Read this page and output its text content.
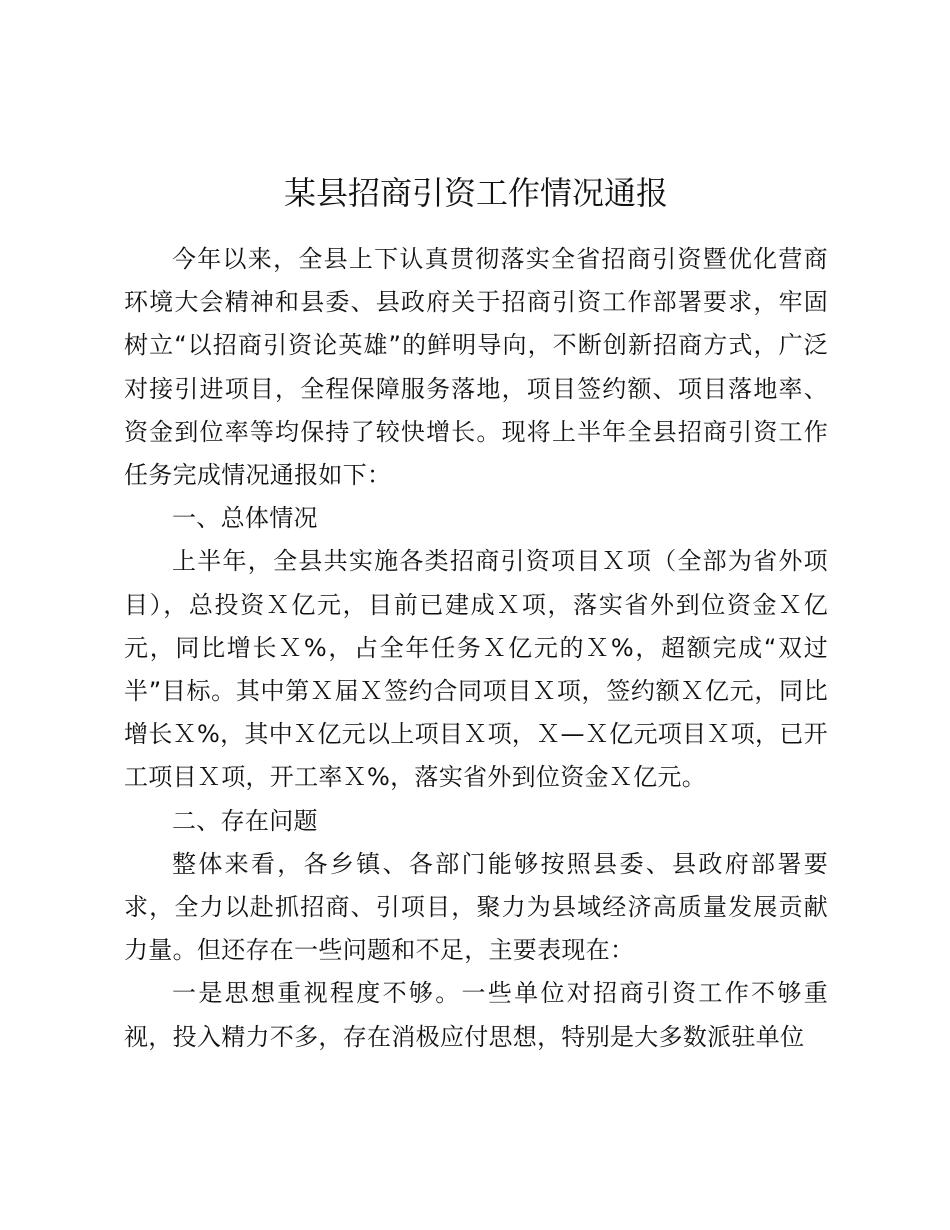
某县招商引资工作情况通报

今年以来，全县上下认真贯彻落实全省招商引资暨优化营商环境大会精神和县委、县政府关于招商引资工作部署要求，牢固树立“以招商引资论英雄”的鲜明导向，不断创新招商方式，广泛对接引进项目，全程保障服务落地，项目签约额、项目落地率、资金到位率等均保持了较快增长。现将上半年全县招商引资工作任务完成情况通报如下：

一、总体情况

上半年，全县共实施各类招商引资项目Ｘ项（全部为省外项目），总投资Ｘ亿元，目前已建成Ｘ项，落实省外到位资金Ｘ亿元，同比增长Ｘ%，占全年任务Ｘ亿元的Ｘ%，超额完成“双过半”目标。其中第Ｘ届Ｘ签约合同项目Ｘ项，签约额Ｘ亿元，同比增长Ｘ%，其中Ｘ亿元以上项目Ｘ项，Ｘ—Ｘ亿元项目Ｘ项，已开工项目Ｘ项，开工率Ｘ%，落实省外到位资金Ｘ亿元。

二、存在问题

整体来看，各乡镇、各部门能够按照县委、县政府部署要求，全力以赴抓招商、引项目，聚力为县域经济高质量发展贡献力量。但还存在一些问题和不足，主要表现在：

一是思想重视程度不够。一些单位对招商引资工作不够重视，投入精力不多，存在消极应付思想，特别是大多数派驻单位
